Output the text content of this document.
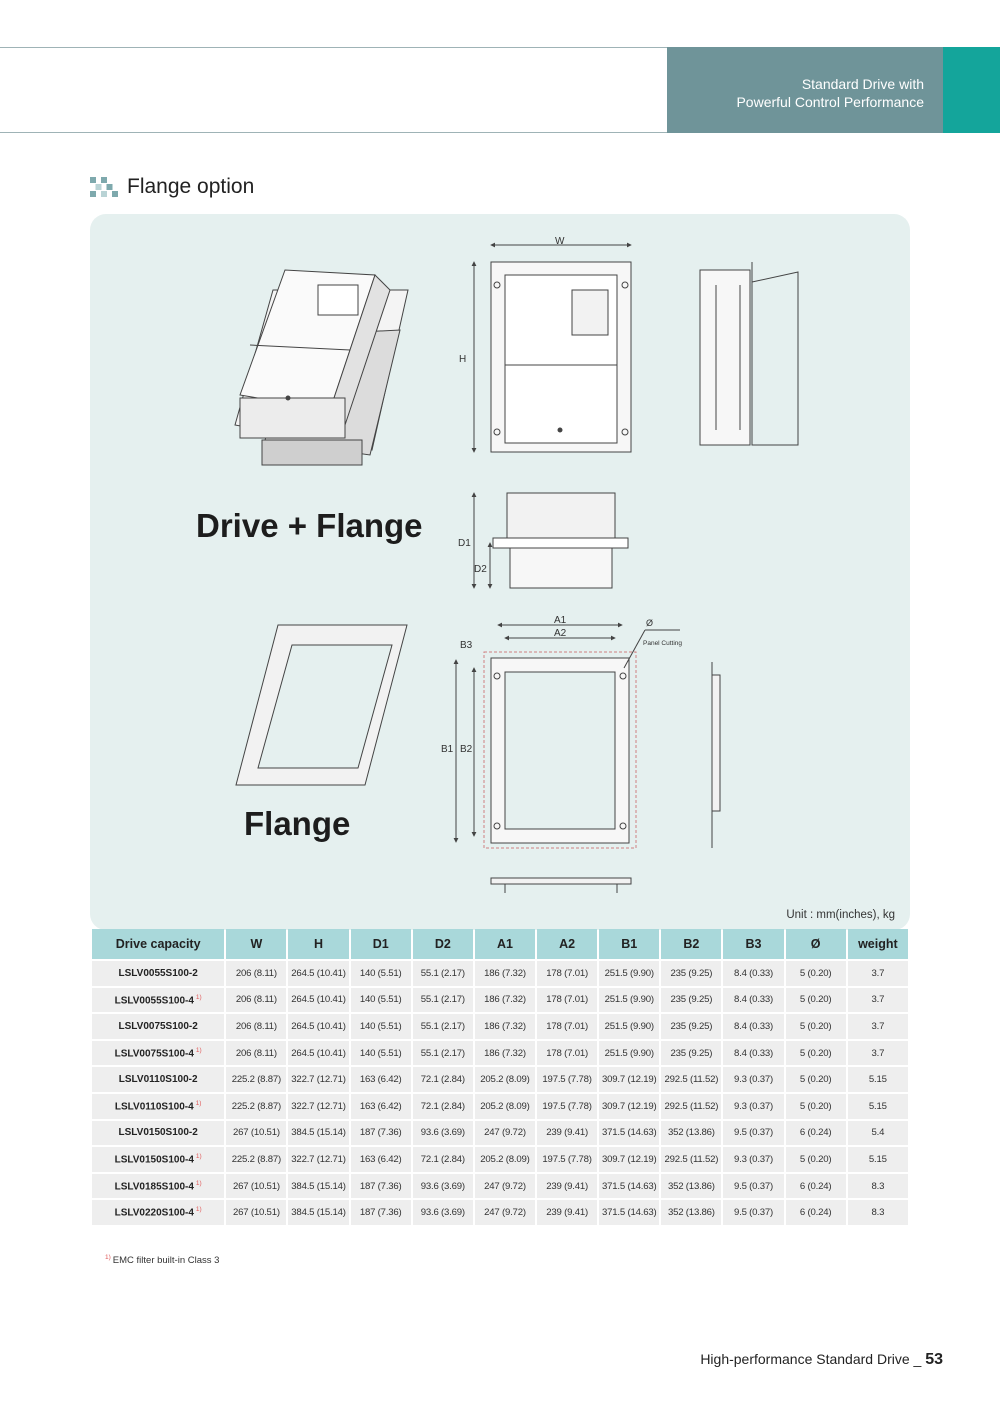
Standard Drive with
Powerful Control Performance
Flange option
W
H
D1
D2
A1
A2
B3
B1 B2
Ø
Panel Cutting
Drive + Flange
Flange
Unit : mm(inches), kg
Drive capacity	W	H	D1	D2	A1	A2	B1	B2	B3	Ø	weight
LSLV0055S100-2	206 (8.11)	264.5 (10.41)	140 (5.51)	55.1 (2.17)	186 (7.32)	178 (7.01)	251.5 (9.90)	235 (9.25)	8.4 (0.33)	5 (0.20)	3.7
LSLV0055S100-4 $^{1)}$	206 (8.11)	264.5 (10.41)	140 (5.51)	55.1 (2.17)	186 (7.32)	178 (7.01)	251.5 (9.90)	235 (9.25)	8.4 (0.33)	5 (0.20)	3.7
LSLV0075S100-2	206 (8.11)	264.5 (10.41)	140 (5.51)	55.1 (2.17)	186 (7.32)	178 (7.01)	251.5 (9.90)	235 (9.25)	8.4 (0.33)	5 (0.20)	3.7
LSLV0075S100-4 $^{1)}$	206 (8.11)	264.5 (10.41)	140 (5.51)	55.1 (2.17)	186 (7.32)	178 (7.01)	251.5 (9.90)	235 (9.25)	8.4 (0.33)	5 (0.20)	3.7
LSLV0110S100-2	225.2 (8.87)	322.7 (12.71)	163 (6.42)	72.1 (2.84)	205.2 (8.09)	197.5 (7.78)	309.7 (12.19)	292.5 (11.52)	9.3 (0.37)	5 (0.20)	5.15
LSLV0110S100-4 $^{1)}$	225.2 (8.87)	322.7 (12.71)	163 (6.42)	72.1 (2.84)	205.2 (8.09)	197.5 (7.78)	309.7 (12.19)	292.5 (11.52)	9.3 (0.37)	5 (0.20)	5.15
LSLV0150S100-2	267 (10.51)	384.5 (15.14)	187 (7.36)	93.6 (3.69)	247 (9.72)	239 (9.41)	371.5 (14.63)	352 (13.86)	9.5 (0.37)	6 (0.24)	5.4
LSLV0150S100-4 $^{1)}$	225.2 (8.87)	322.7 (12.71)	163 (6.42)	72.1 (2.84)	205.2 (8.09)	197.5 (7.78)	309.7 (12.19)	292.5 (11.52)	9.3 (0.37)	5 (0.20)	5.15
LSLV0185S100-4 $^{1)}$	267 (10.51)	384.5 (15.14)	187 (7.36)	93.6 (3.69)	247 (9.72)	239 (9.41)	371.5 (14.63)	352 (13.86)	9.5 (0.37)	6 (0.24)	8.3
LSLV0220S100-4 $^{1)}$	267 (10.51)	384.5 (15.14)	187 (7.36)	93.6 (3.69)	247 (9.72)	239 (9.41)	371.5 (14.63)	352 (13.86)	9.5 (0.37)	6 (0.24)	8.3
$^{1)}$ EMC filter built-in Class 3
High-performance Standard Drive _ 53
